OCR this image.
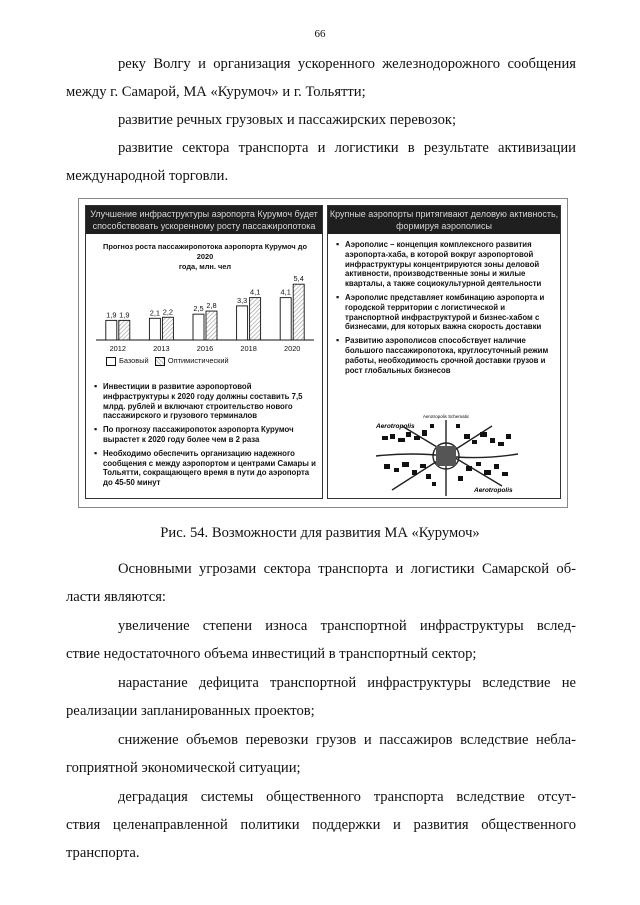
66

реку Волгу и организация ускоренного железнодорожного сообщения

между г. Самарой, МА «Курумоч» и г. Тольятти;

развитие речных грузовых и пассажирских перевозок;

развитие сектора транспорта и логистики в результате активизации

международной торговли.

Улучшение инфраструктуры аэропорта Курумоч будет
способствовать ускоренному росту пассажиропотока
Прогноз роста пассажиропотока аэропорта Курумоч до 2020
года, млн. чел
1,9 1,9
2012
2,1 2,2
2013
2,5 2,8
2016
3,3
4,1
2018
4,1
5,4
2020
Базовый	Оптимистический
▪ Инвестиции в развитие аэропортовой инфраструктуры к 2020 году должны составить 7,5 млрд. рублей и включают строительство нового пассажирского и грузового терминалов
▪ По прогнозу пассажиропоток аэропорта Курумоч вырастет к 2020 году более чем в 2 раза
▪ Необходимо обеспечить организацию надежного сообщения с между аэропортом и центрами Самары и Тольятти, сокращающего время в пути до аэропорта до 45-50 минут
Крупные аэропорты притягивают деловую активность,
формируя аэрополисы
▪ Аэрополис – концепция комплексного развития аэропорта-хаба, в которой вокруг аэропортовой инфраструктуры концентрируются зоны деловой активности, производственные зоны и жилые кварталы, а также социокультурной деятельности
▪ Аэрополис представляет комбинацию аэропорта и городской территории с логистической и транспортной инфраструктурой и бизнес-хабом с бизнесами, для которых важна скорость доставки
▪ Развитию аэрополисов способствует наличие большого пассажиропотока, круглосуточный режим работы, необходимость срочной доставки грузов и рост глобальных бизнесов
Aerotropolis Schematic
Aerotropolis
Aerotropolis
Рис. 54. Возможности для развития МА «Курумоч»

Основными угрозами сектора транспорта и логистики Самарской об-

ласти являются:

увеличение степени износа транспортной инфраструктуры вслед-

ствие недостаточного объема инвестиций в транспортный сектор;

нарастание дефицита транспортной инфраструктуры вследствие не

реализации запланированных проектов;

снижение объемов перевозки грузов и пассажиров вследствие небла-

гоприятной экономической ситуации;

деградация системы общественного транспорта вследствие отсут-

ствия целенаправленной политики поддержки и развития общественного

транспорта.
